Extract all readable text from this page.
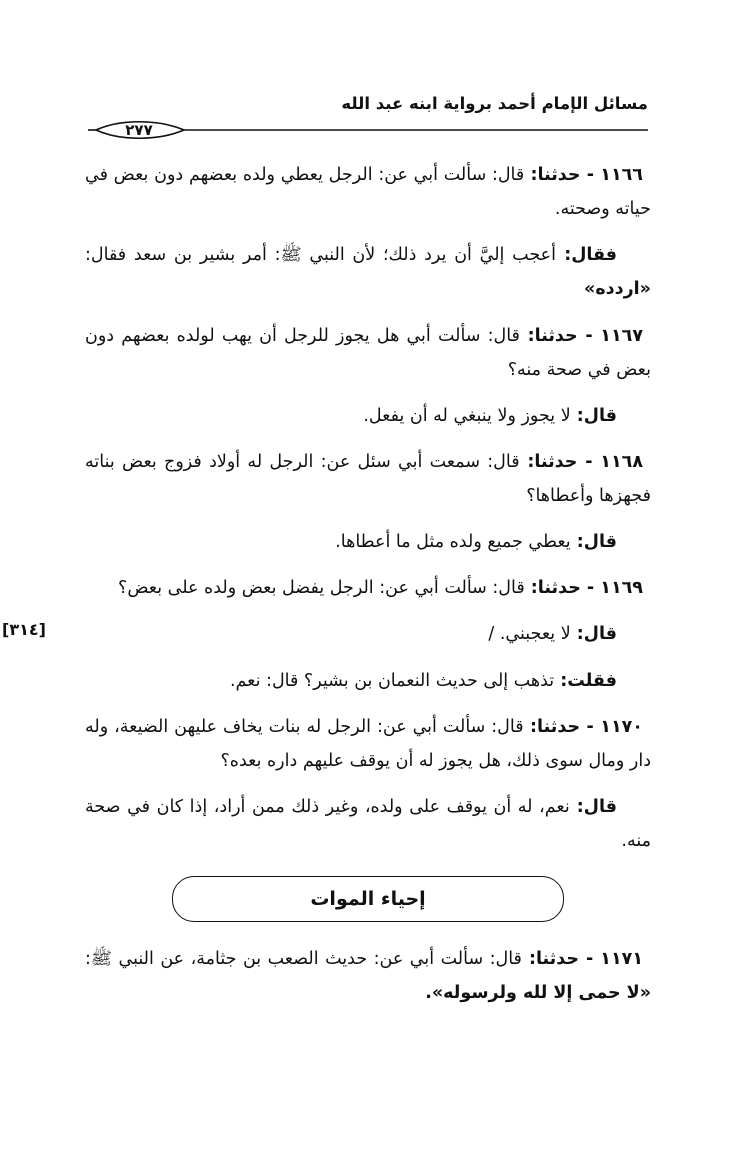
مسائل الإمام أحمد برواية ابنه عبد الله
٢٧٧
[٣١٤]

١١٦٦ - حدثنا: قال: سألت أبي عن: الرجل يعطي ولده بعضهم دون بعض في حياته وصحته.

فقال: أعجب إليَّ أن يرد ذلك؛ لأن النبي ﷺ: أمر بشير بن سعد فقال: «اردده»

١١٦٧ - حدثنا: قال: سألت أبي هل يجوز للرجل أن يهب لولده بعضهم دون بعض في صحة منه؟

قال: لا يجوز ولا ينبغي له أن يفعل.

١١٦٨ - حدثنا: قال: سمعت أبي سئل عن: الرجل له أولاد فزوج بعض بناته فجهزها وأعطاها؟

قال: يعطي جميع ولده مثل ما أعطاها.

١١٦٩ - حدثنا: قال: سألت أبي عن: الرجل يفضل بعض ولده على بعض؟

قال: لا يعجبني. /

فقلت: تذهب إلى حديث النعمان بن بشير؟ قال: نعم.

١١٧٠ - حدثنا: قال: سألت أبي عن: الرجل له بنات يخاف عليهن الضيعة، وله دار ومال سوى ذلك، هل يجوز له أن يوقف عليهم داره بعده؟

قال: نعم، له أن يوقف على ولده، وغير ذلك ممن أراد، إذا كان في صحة منه.

إحياء الموات

١١٧١ - حدثنا: قال: سألت أبي عن: حديث الصعب بن جثامة، عن النبي ﷺ: «لا حمى إلا لله ولرسوله».
